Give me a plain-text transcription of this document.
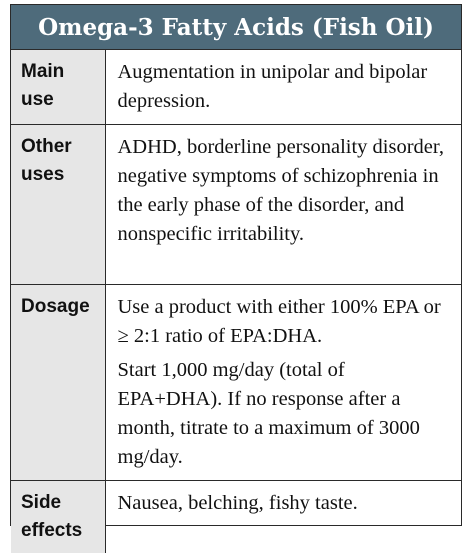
Omega-3 Fatty Acids (Fish Oil)
Main use	Augmentation in unipolar and bipolar depression.

Other uses	ADHD, borderline personality disorder, negative symptoms of schizophrenia in the early phase of the disorder, and nonspecific irritability.

Dosage	Use a product with either 100% EPA or ≥ 2:1 ratio of EPA:DHA.

Start 1,000 mg/day (total of EPA+DHA). If no response after a month, titrate to a maximum of 3000 mg/day.

Side effects	Nausea, belching, fishy taste.
